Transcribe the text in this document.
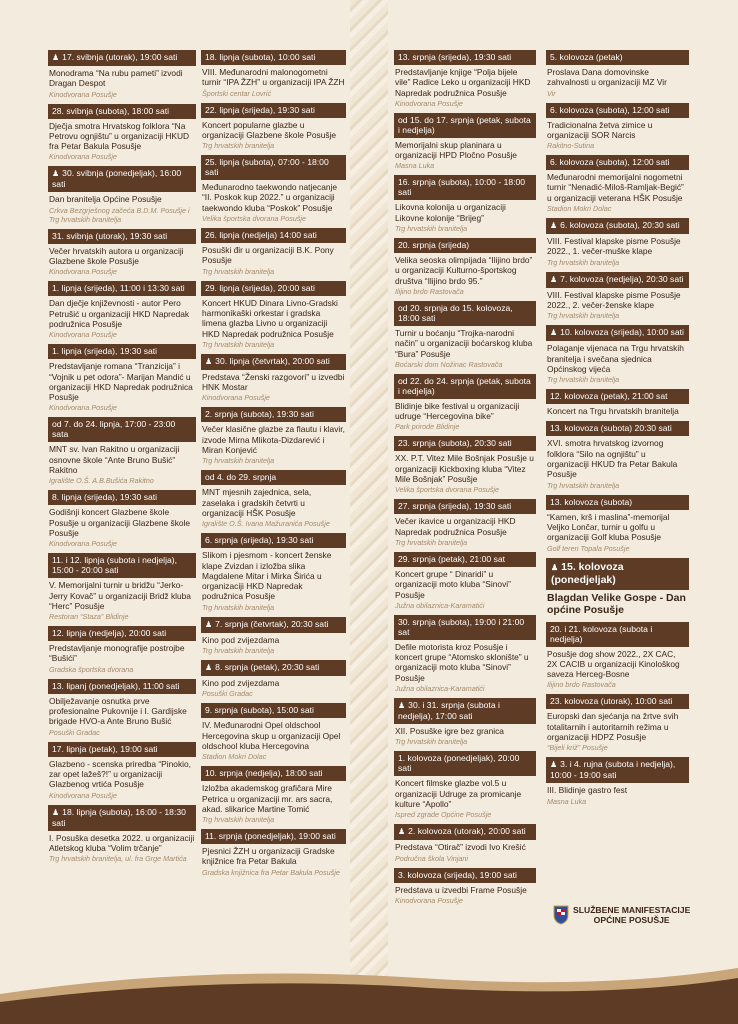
♟ 17. svibnja (utorak), 19:00 sati
Monodrama “Na rubu pameti” izvodi Dragan Despot
Kinodvorana Posušje
28. svibnja (subota), 18:00 sati
Dječja smotra Hrvatskog folklora “Na Petrovu ognjištu” u organizaciji HKUD fra Petar Bakula Posušje
Kinodvorana Posušje
♟ 30. svibnja (ponedjeljak), 16:00 sati
Dan branitelja Općine Posušje
Crkva Bezgrješnog začeća B.D.M. Posušje i Trg hrvatskih branitelja
31. svibnja (utorak), 19:30 sati
Večer hrvatskih autora u organizaciji Glazbene škole Posušje
Kinodvorana Posušje
1. lipnja (srijeda), 11:00 i 13:30 sati
Dan dječje književnosti - autor Pero Petrušić u organizaciji HKD Napredak podružnica Posušje
Kinodvorana Posušje
1. lipnja (srijeda), 19:30 sati
Predstavljanje romana “Tranzicija” i “Vojnik u pet odora”- Marijan Mandić u organizaciji HKD Napredak podružnica Posušje
Kinodvorana Posušje
od 7. do 24. lipnja, 17:00 - 23:00 sata
MNT sv. Ivan Rakitno u organizaciji osnovne škole “Ante Bruno Bušić” Rakitno
Igralište O.Š. A.B.Bušića Rakitno
8. lipnja (srijeda), 19:30 sati
Godišnji koncert Glazbene škole Posušje u organizaciji Glazbene škole Posušje
Kinodvorana Posušje
11. i 12. lipnja (subota i nedjelja), 15:00 - 20:00 sati
V. Memorijalni turnir u bridžu “Jerko-Jerry Kovač” u organizaciji Bridž kluba “Herc” Posušje
Restoran “Staza” Blidinje
12. lipnja (nedjelja), 20:00 sati
Predstavljanje monografije postrojbe “Bušići”
Gradska športska dvorana
13. lipanj (ponedjeljak), 11:00 sati
Obilježavanje osnutka prve profesionalne Pukovnije i I. Gardijske brigade HVO-a Ante Bruno Bušić
Posuški Gradac
17. lipnja (petak), 19:00 sati
Glazbeno - scenska priredba “Pinokio, zar opet lažeš?!” u organizaciji Glazbenog vrtića Posušje
Kinodvorana Posušje
♟ 18. lipnja (subota), 16:00 - 18:30 sati
I. Posuška desetka 2022. u organizaciji Atletskog kluba “Volim trčanje”
Trg hrvatskih branitelja, ul. fra Grge Martića
18. lipnja (subota), 10:00 sati
VIII. Međunarodni malonogometni turnir “IPA ŽZH” u organizaciji IPA ŽZH
Športski centar Lovrić
22. lipnja (srijeda), 19:30 sati
Koncert popularne glazbe u organizaciji Glazbene škole Posušje
Trg hrvatskih branitelja
25. lipnja (subota), 07:00 - 18:00 sati
Međunarodno taekwondo natjecanje “II. Poskok kup 2022.” u organizaciji taekwondo kluba “Poskok” Posušje
Velika športska dvorana Posušje
26. lipnja (nedjelja) 14:00 sati
Posuški đir u organizaciji B.K. Pony Posušje
Trg hrvatskih branitelja
29. lipnja (srijeda), 20:00 sati
Koncert HKUD Dinara Livno-Gradski harmonikaški orkestar i gradska limena glazba Livno u organizaciji HKD Napredak podružnica Posušje
Trg hrvatskih branitelja
♟ 30. lipnja (četvrtak), 20:00 sati
Predstava “Ženski razgovori” u izvedbi HNK Mostar
Kinodvorana Posušje
2. srpnja (subota), 19:30 sati
Večer klasične glazbe za flautu i klavir, izvode Mirna Mlikota-Dizdarević i Miran Konjević
Trg hrvatskih branitelja
od 4. do 29. srpnja
MNT mjesnih zajednica, sela, zaselaka i gradskih četvrti u organizaciji HŠK Posušje
Igralište O.Š. Ivana Mažuranića Posušje
6. srpnja (srijeda), 19:30 sati
Slikom i pjesmom - koncert ženske klape Zvizdan i izložba slika Magdalene Mitar i Mirka Širića u organizaciji HKD Napredak podružnica Posušje
Trg hrvatskih branitelja
♟ 7. srpnja (četvrtak), 20:30 sati
Kino pod zvijezdama
Trg hrvatskih branitelja
♟ 8. srpnja (petak), 20:30 sati
Kino pod zvijezdama
Posuški Gradac
9. srpnja (subota), 15:00 sati
IV. Međunarodni Opel oldschool Hercegovina skup u organizaciji Opel oldschool kluba Hercegovina
Stadion Mokri Dolac
10. srpnja (nedjelja), 18:00 sati
Izložba akademskog grafičara Mire Petrica u organizaciji mr. ars sacra, akad. slikarice Martine Tomić
Trg hrvatskih branitelja
11. srpnja (ponedjeljak), 19:00 sati
Pjesnici ŽZH u organizaciji Gradske knjižnice fra Petar Bakula
Gradska knjižnica fra Petar Bakula Posušje
13. srpnja (srijeda), 19:30 sati
Predstavljanje knjige “Polja bijele vile” Radice Leko u organizaciji HKD Napredak podružnica Posušje
Kinodvorana Posušje
od 15. do 17. srpnja (petak, subota i nedjelja)
Memorijalni skup planinara u organizaciji HPD Pločno Posušje
Masna Luka
16. srpnja (subota), 10:00 - 18:00 sati
Likovna kolonija u organizaciji Likovne kolonije “Brijeg”
Trg hrvatskih branitelja
20. srpnja (srijeda)
Velika seoska olimpijada “Ilijino brdo” u organizaciji Kulturno-športskog društva “Ilijino brdo 95.”
Ilijino brdo Rastovača
od 20. srpnja do 15. kolovoza, 18:00 sati
Turnir u boćanju “Trojka-narodni način” u organizaciji boćarskog kluba “Bura” Posušje
Boćarski dom Nožinac Rastovača
od 22. do 24. srpnja (petak, subota i nedjelja)
Blidinje bike festival u organizaciji udruge “Hercegovina bike”
Park prirode Blidinje
23. srpnja (subota), 20:30 sati
XX. P.T. Vitez Mile Bošnjak Posušje u organizaciji Kickboxing kluba “Vitez Mile Bošnjak” Posušje
Velika športska dvorana Posušje
27. srpnja (srijeda), 19:30 sati
Večer ikavice u organizaciji HKD Napredak podružnica Posušje
Trg hrvatskih branitelja
29. srpnja (petak), 21:00 sat
Koncert grupe “ Dinaridi” u organizaciji moto kluba “Sinovi” Posušje
Južna obilaznica-Karamatići
30. srpnja (subota), 19:00 i 21:00 sat
Defile motorista kroz Posušje i koncert grupe “Atomsko sklonište” u organizaciji moto kluba “Sinovi” Posušje
Južna obilaznica-Karamatići
♟ 30. i 31. srpnja (subota i nedjelja), 17:00 sati
XII. Posuške igre bez granica
Trg hrvatskih branitelja
1. kolovoza (ponedjeljak), 20:00 sati
Koncert filmske glazbe vol.5 u organizaciji Udruge za promicanje kulture “Apollo”
Ispred zgrade Općine Posušje
♟ 2. kolovoza (utorak), 20:00 sati
Predstava “Otirač” izvodi Ivo Krešić
Područna škola Vinjani
3. kolovoza (srijeda), 19:00 sati
Predstava u izvedbi Frame Posušje
Kinodvorana Posušje
5. kolovoza (petak)
Proslava Dana domovinske zahvalnosti u organizaciji MZ Vir
Vir
6. kolovoza (subota), 12:00 sati
Tradicionalna žetva zimice u organizaciji SOR Narcis
Rakitno-Sutina
6. kolovoza (subota), 12:00 sati
Međunarodni memorijalni nogometni turnir “Nenadić-Miloš-Ramljak-Begić” u organizaciji veterana HŠK Posušje
Stadion Mokri Dolac
♟ 6. kolovoza (subota), 20:30 sati
VIII. Festival klapske pisme Posušje 2022., 1. večer-muške klape
Trg hrvatskih branitelja
♟ 7. kolovoza (nedjelja), 20:30 sati
VIII. Festival klapske pisme Posušje 2022., 2. večer-ženske klape
Trg hrvatskih branitelja
♟ 10. kolovoza (srijeda), 10:00 sati
Polaganje vijenaca na Trgu hrvatskih branitelja i svečana sjednica Općinskog vijeća
Trg hrvatskih branitelja
12. kolovoza (petak), 21:00 sat
Koncert na Trgu hrvatskih branitelja
13. kolovoza (subota) 20:30 sati
XVI. smotra hrvatskog izvornog folklora “Silo na ognjištu” u organizaciji HKUD fra Petar Bakula Posušje
Trg hrvatskih branitelja
13. kolovoza (subota)
“Kamen, krš i maslina”-memorijal Veljko Lončar, turnir u golfu u organizaciji Golf kluba Posušje
Golf teren Topala Posušje
♟ 15. kolovoza (ponedjeljak)
Blagdan Velike Gospe - Dan općine Posušje
20. i 21. kolovoza (subota i nedjelja)
Posušje dog show 2022., 2X CAC, 2X CACIB u organizaciji Kinološkog saveza Herceg-Bosne
Ilijino brdo Rastovača
23. kolovoza (utorak), 10:00 sati
Europski dan sjećanja na žrtve svih totalitarnih i autoritarnih režima u organizaciji HDPZ Posušje
“Bijeli križ” Posušje
♟ 3. i 4. rujna (subota i nedjelja), 10:00 - 19:00 sati
III. Blidinje gastro fest
Masna Luka
SLUŽBENE MANIFESTACIJE
OPĆINE POSUŠJE
